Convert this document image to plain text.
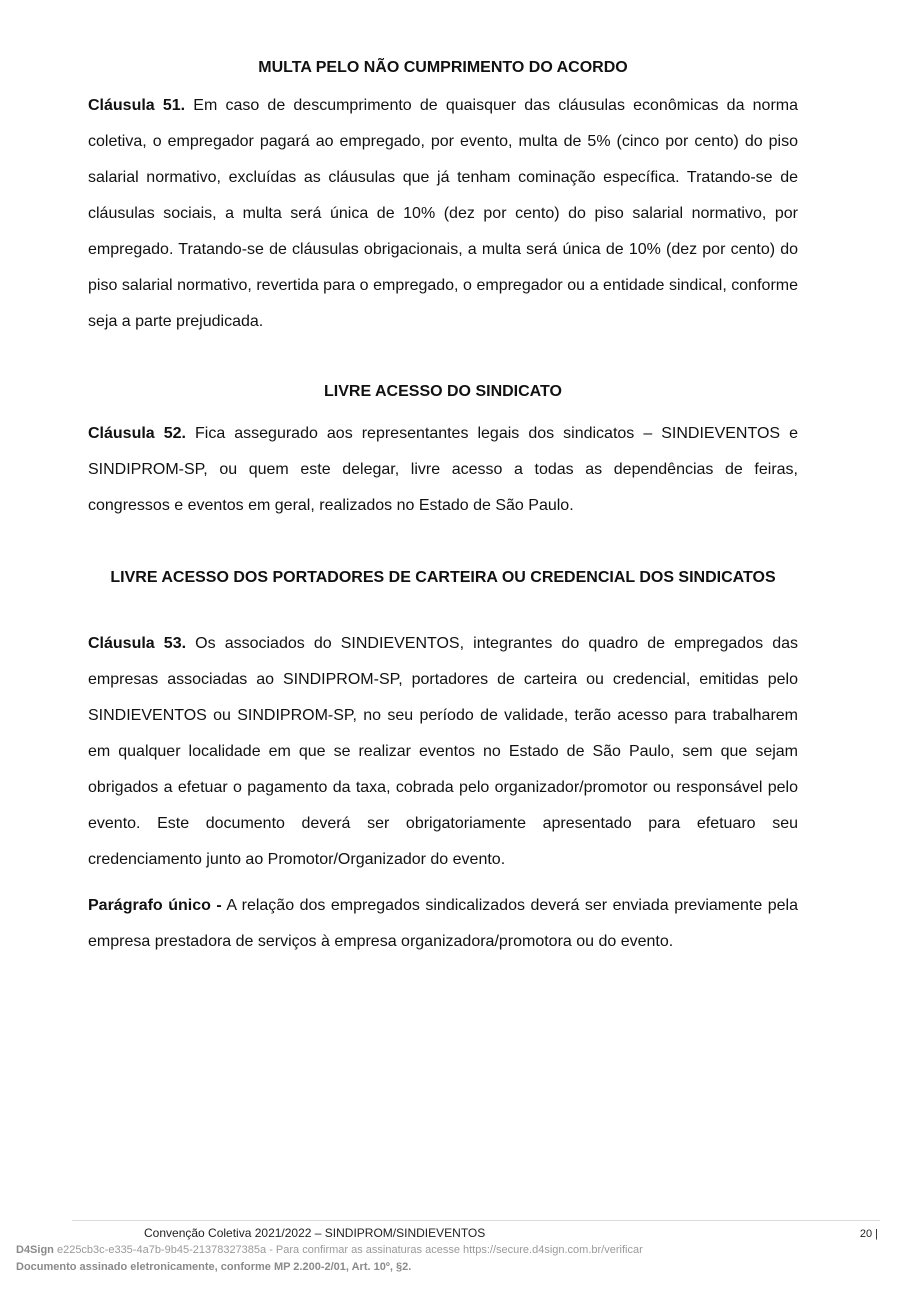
MULTA PELO NÃO CUMPRIMENTO DO ACORDO

Cláusula 51. Em caso de descumprimento de quaisquer das cláusulas econômicas da norma coletiva, o empregador pagará ao empregado, por evento, multa de 5% (cinco por cento) do piso salarial normativo, excluídas as cláusulas que já tenham cominação específica. Tratando-se de cláusulas sociais, a multa será única de 10% (dez por cento) do piso salarial normativo, por empregado. Tratando-se de cláusulas obrigacionais, a multa será única de 10% (dez por cento) do piso salarial normativo, revertida para o empregado, o empregador ou a entidade sindical, conforme seja a parte prejudicada.

LIVRE ACESSO DO SINDICATO

Cláusula 52. Fica assegurado aos representantes legais dos sindicatos – SINDIEVENTOS e SINDIPROM-SP, ou quem este delegar, livre acesso a todas as dependências de feiras, congressos e eventos em geral, realizados no Estado de São Paulo.

LIVRE ACESSO DOS PORTADORES DE CARTEIRA OU CREDENCIAL DOS SINDICATOS

Cláusula 53. Os associados do SINDIEVENTOS, integrantes do quadro de empregados das empresas associadas ao SINDIPROM-SP, portadores de carteira ou credencial, emitidas pelo SINDIEVENTOS ou SINDIPROM-SP, no seu período de validade, terão acesso para trabalharem em qualquer localidade em que se realizar eventos no Estado de São Paulo, sem que sejam obrigados a efetuar o pagamento da taxa, cobrada pelo organizador/promotor ou responsável pelo evento. Este documento deverá ser obrigatoriamente apresentado para efetuaro seu credenciamento junto ao Promotor/Organizador do evento.

Parágrafo único - A relação dos empregados sindicalizados deverá ser enviada previamente pela empresa prestadora de serviços à empresa organizadora/promotora ou do evento.

Convenção Coletiva 2021/2022 – SINDIPROM/SINDIEVENTOS	20 |
D4Sign e225cb3c-e335-4a7b-9b45-21378327385a - Para confirmar as assinaturas acesse https://secure.d4sign.com.br/verificar
Documento assinado eletronicamente, conforme MP 2.200-2/01, Art. 10º, §2.
